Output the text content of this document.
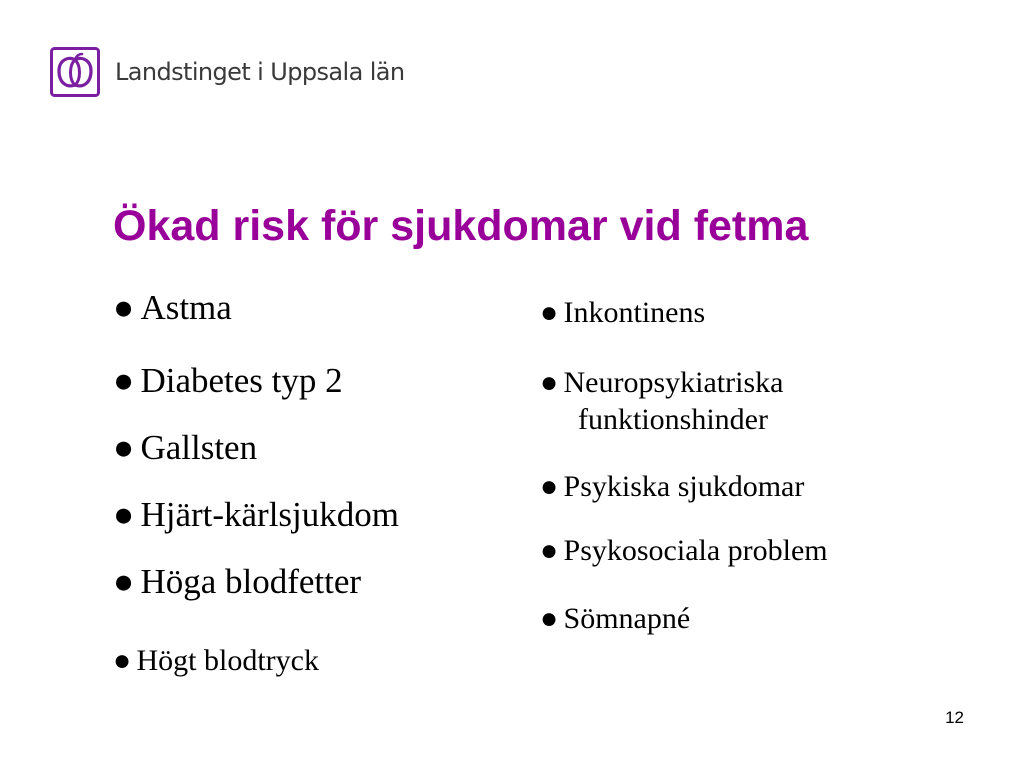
Landstinget i Uppsala län
Ökad risk för sjukdomar vid fetma
● Astma
● Diabetes typ 2
● Gallsten
● Hjärt-kärlsjukdom
● Höga blodfetter
● Högt blodtryck
● Inkontinens
● Neuropsykiatriska
funktionshinder
● Psykiska sjukdomar
● Psykosociala problem
● Sömnapné
12
